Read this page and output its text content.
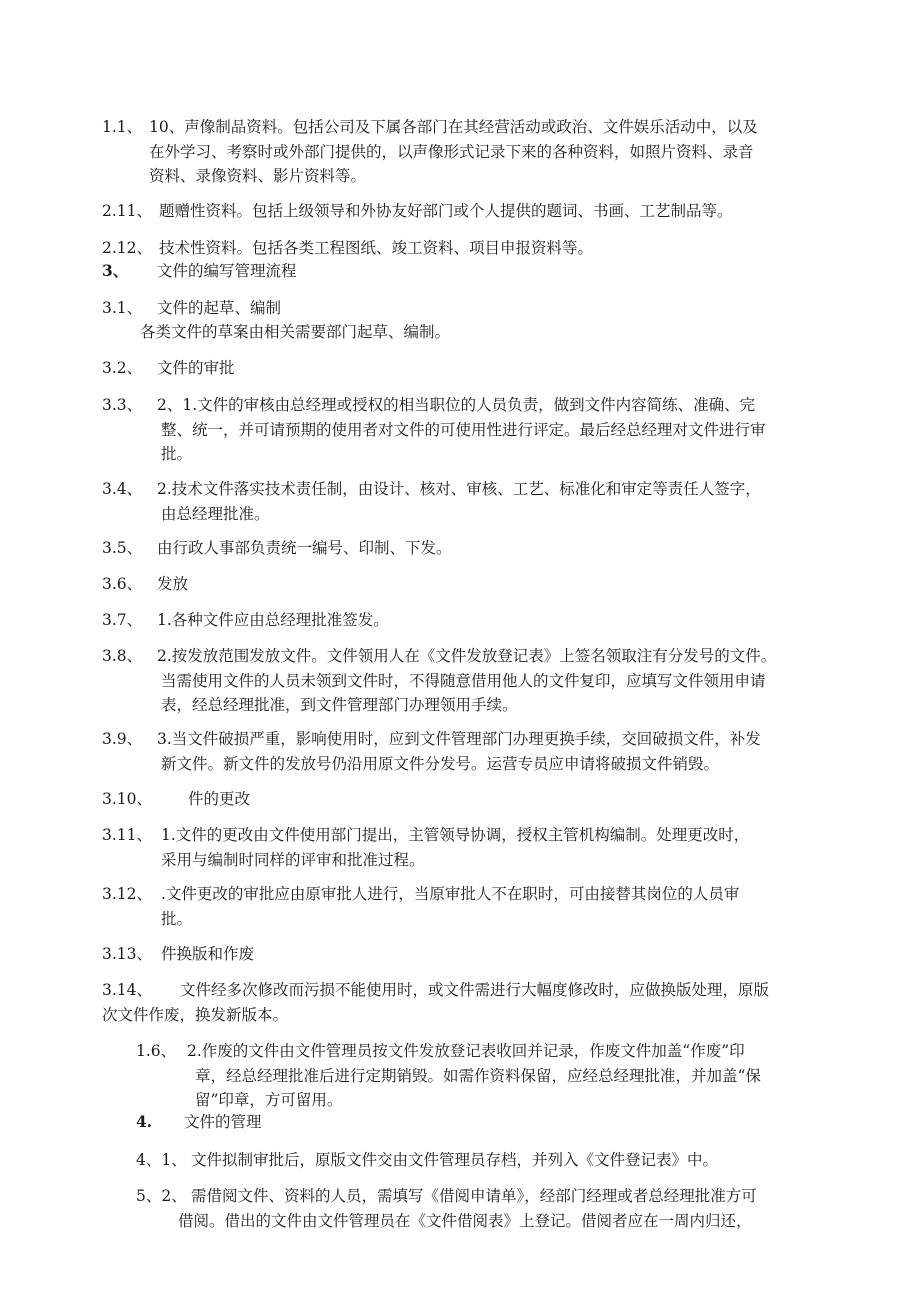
1.1、 10、声像制品资料。包括公司及下属各部门在其经营活动或政治、文件娱乐活动中，以及
在外学习、考察时或外部门提供的，以声像形式记录下来的各种资料，如照片资料、录音
资料、录像资料、影片资料等。
2.11、 题赠性资料。包括上级领导和外协友好部门或个人提供的题词、书画、工艺制品等。
2.12、 技术性资料。包括各类工程图纸、竣工资料、项目申报资料等。
3、 文件的编写管理流程
3.1、 文件的起草、编制
各类文件的草案由相关需要部门起草、编制。
3.2、 文件的审批
3.3、 2、1.文件的审核由总经理或授权的相当职位的人员负责，做到文件内容简练、准确、完
整、统一，并可请预期的使用者对文件的可使用性进行评定。最后经总经理对文件进行审
批。
3.4、 2.技术文件落实技术责任制，由设计、核对、审核、工艺、标准化和审定等责任人签字，
由总经理批准。
3.5、 由行政人事部负责统一编号、印制、下发。
3.6、 发放
3.7、 1.各种文件应由总经理批准签发。
3.8、 2.按发放范围发放文件。文件领用人在《文件发放登记表》上签名领取注有分发号的文件。
当需使用文件的人员未领到文件时，不得随意借用他人的文件复印，应填写文件领用申请
表，经总经理批准，到文件管理部门办理领用手续。
3.9、 3.当文件破损严重，影响使用时，应到文件管理部门办理更换手续，交回破损文件，补发
新文件。新文件的发放号仍沿用原文件分发号。运营专员应申请将破损文件销毁。
3.10、 件的更改
3.11、 1.文件的更改由文件使用部门提出，主管领导协调，授权主管机构编制。处理更改时，
采用与编制时同样的评审和批准过程。
3.12、 .文件更改的审批应由原审批人进行，当原审批人不在职时，可由接替其岗位的人员审
批。
3.13、 件换版和作废
3.14、 文件经多次修改而污损不能使用时，或文件需进行大幅度修改时，应做换版处理，原版
次文件作废，换发新版本。
1.6、 2.作废的文件由文件管理员按文件发放登记表收回并记录，作废文件加盖“作废”印
章，经总经理批准后进行定期销毁。如需作资料保留，应经总经理批准，并加盖“保
留”印章，方可留用。
4. 文件的管理
4、1、 文件拟制审批后，原版文件交由文件管理员存档，并列入《文件登记表》中。
5、2、 需借阅文件、资料的人员，需填写《借阅申请单》，经部门经理或者总经理批准方可
借阅。借出的文件由文件管理员在《文件借阅表》上登记。借阅者应在一周内归还，
